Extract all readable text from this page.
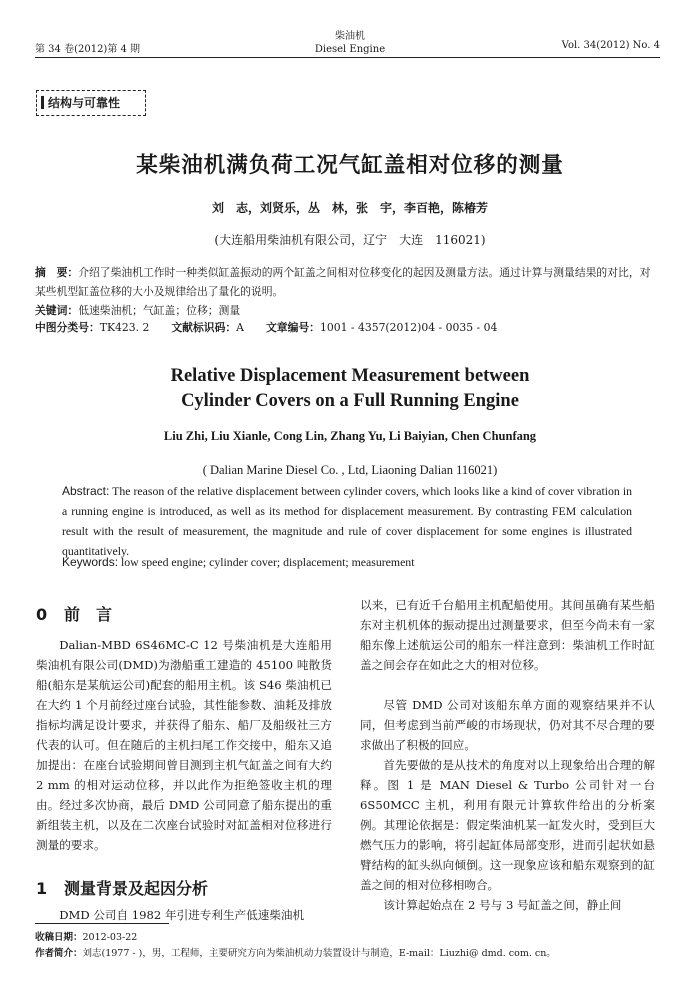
第 34 卷(2012)第 4 期
柴油机
Diesel Engine	Vol. 34(2012) No. 4
结构与可靠性
某柴油机满负荷工况气缸盖相对位移的测量
刘　志，刘贤乐，丛　林，张　宇，李百艳，陈椿芳
(大连船用柴油机有限公司，辽宁　大连　116021)
摘　要：介绍了柴油机工作时一种类似缸盖振动的两个缸盖之间相对位移变化的起因及测量方法。通过计算与测量结果的对比，对某些机型缸盖位移的大小及规律给出了量化的说明。
关键词：低速柴油机；气缸盖；位移；测量
中图分类号：TK423. 2 文献标识码：A 文章编号：1001 - 4357(2012)04 - 0035 - 04
Relative Displacement Measurement between
Cylinder Covers on a Full Running Engine
Liu Zhi, Liu Xianle, Cong Lin, Zhang Yu, Li Baiyian, Chen Chunfang
( Dalian Marine Diesel Co. , Ltd, Liaoning Dalian 116021)
Abstract: The reason of the relative displacement between cylinder covers, which looks like a kind of cover vibration in a running engine is introduced, as well as its method for displacement measurement. By contrasting FEM calculation result with the result of measurement, the magnitude and rule of cover displacement for some engines is illustrated quantitatively.
Keywords: low speed engine; cylinder cover; displacement; measurement
0 前　言

Dalian-MBD 6S46MC-C 12 号柴油机是大连船用柴油机有限公司(DMD)为渤船重工建造的 45100 吨散货船(船东是某航运公司)配套的船用主机。该 S46 柴油机已在大约 1 个月前经过座台试验，其性能参数、油耗及排放指标均满足设计要求，并获得了船东、船厂及船级社三方代表的认可。但在随后的主机扫尾工作交接中，船东又追加提出：在座台试验期间曾目测到主机气缸盖之间有大约 2 mm 的相对运动位移，并以此作为拒绝签收主机的理由。经过多次协商，最后 DMD 公司同意了船东提出的重新组装主机，以及在二次座台试验时对缸盖相对位移进行测量的要求。

1 测量背景及起因分析

DMD 公司自 1982 年引进专利生产低速柴油机

以来，已有近千台船用主机配船使用。其间虽确有某些船东对主机机体的振动提出过测量要求，但至今尚未有一家船东像上述航运公司的船东一样注意到：柴油机工作时缸盖之间会存在如此之大的相对位移。

尽管 DMD 公司对该船东单方面的观察结果并不认同，但考虑到当前严峻的市场现状，仍对其不尽合理的要求做出了积极的回应。

首先要做的是从技术的角度对以上现象给出合理的解释。图 1 是 MAN Diesel & Turbo 公司针对一台 6S50MCC 主机，利用有限元计算软件给出的分析案例。其理论依据是：假定柴油机某一缸发火时，受到巨大燃气压力的影响，将引起缸体局部变形，进而引起状如悬臂结构的缸头纵向倾倒。这一现象应该和船东观察到的缸盖之间的相对位移相吻合。

该计算起始点在 2 号与 3 号缸盖之间，静止间

收稿日期：2012-03-22
作者简介：刘志(1977 - )，男，工程师，主要研究方向为柴油机动力装置设计与制造，E-mail：Liuzhi@ dmd. com. cn。
